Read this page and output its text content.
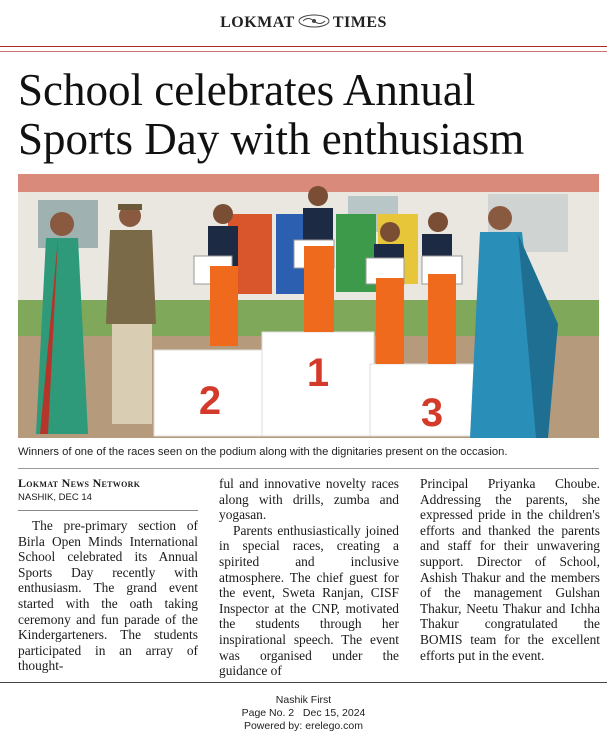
LOKMAT TIMES
School celebrates Annual
Sports Day with enthusiasm
2
1
3
Winners of one of the races seen on the podium along with the dignitaries present on the occasion.
Lokmat News Network
NASHIK, DEC 14

The pre-primary section of Birla Open Minds International School celebrated its Annual Sports Day recently with enthusiasm. The grand event started with the oath taking ceremony and fun parade of the Kindergarteners. The students participated in an array of thought-

ful and innovative novelty races along with drills, zumba and yogasan.

Parents enthusiastically joined in special races, creating a spirited and inclusive atmosphere. The chief guest for the event, Sweta Ranjan, CISF Inspector at the CNP, motivated the students through her inspirational speech. The event was organised under the guidance of

Principal Priyanka Choube. Addressing the parents, she expressed pride in the children's efforts and thanked the parents and staff for their unwavering support. Director of School, Ashish Thakur and the members of the management Gulshan Thakur, Neetu Thakur and Ichha Thakur congratulated the BOMIS team for the excellent efforts put in the event.

Nashik First
Page No. 2 Dec 15, 2024
Powered by: erelego.com
